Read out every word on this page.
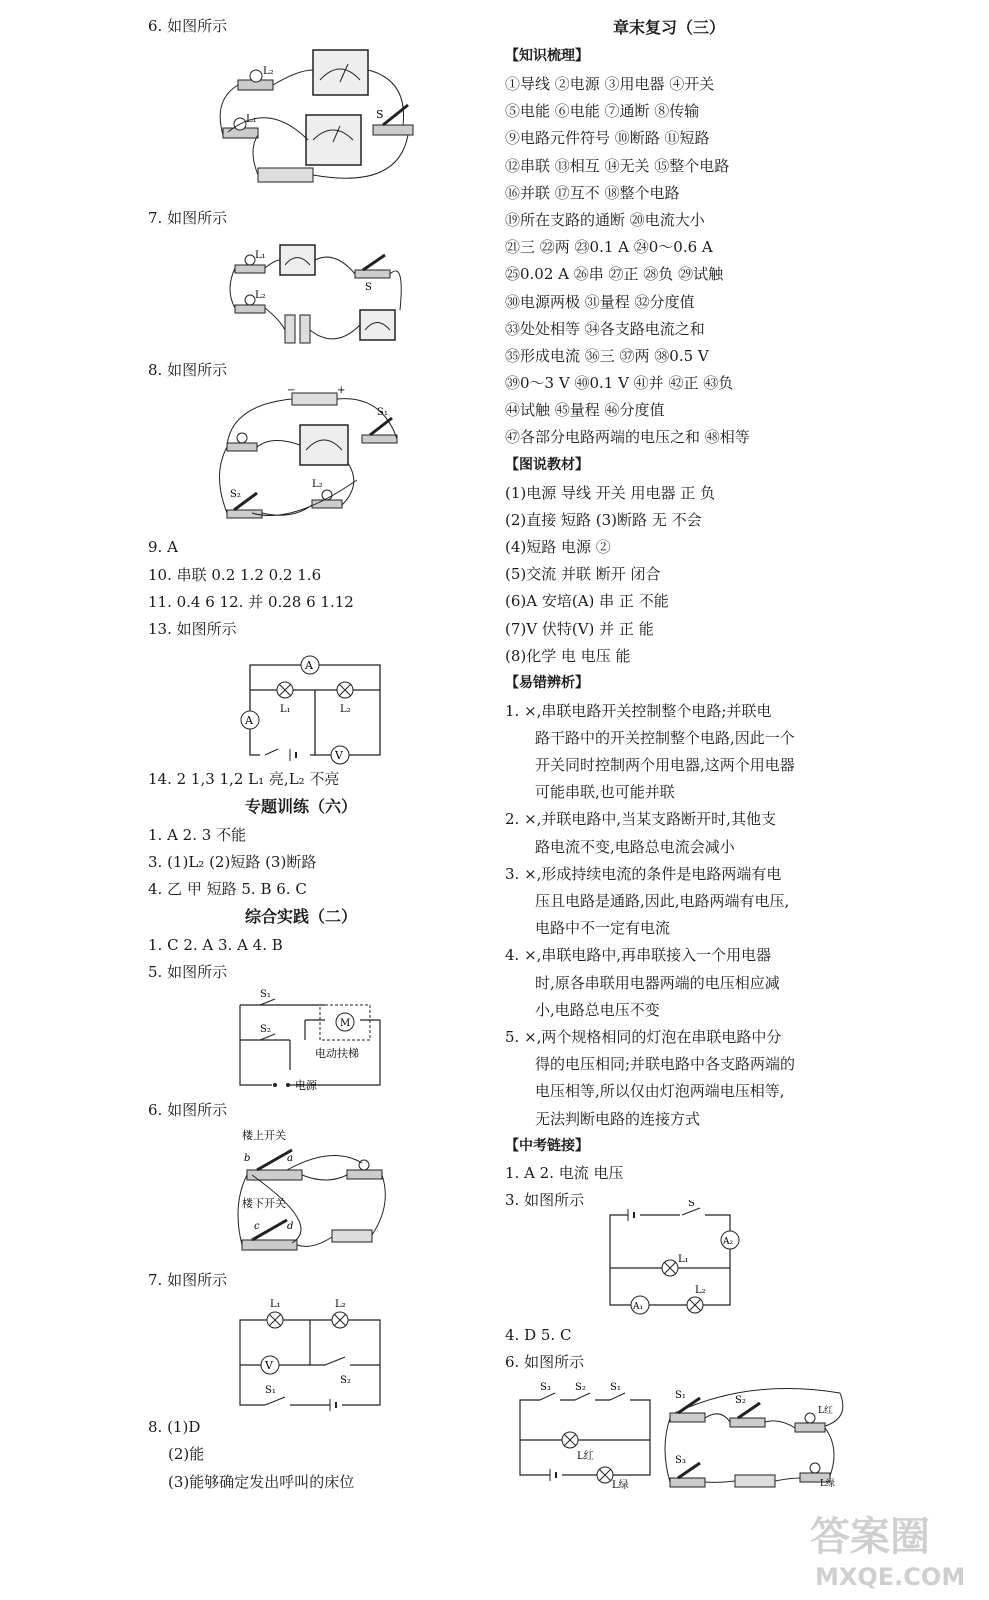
6. 如图所示
L₂
L₁	S
7. 如图所示
L₁
L₂
S
8. 如图所示
−	+
S₁
S₂
L₂
9. A
10. 串联 0.2 1.2 0.2 1.6
11. 0.4 6 12. 并 0.28 6 1.12
13. 如图所示
A
A
L₁	L₂
V
14. 2 1,3 1,2 L₁ 亮,L₂ 不亮
专题训练（六）
1. A 2. 3 不能
3. (1)L₂ (2)短路 (3)断路
4. 乙 甲 短路 5. B 6. C
综合实践（二）
1. C 2. A 3. A 4. B
5. 如图所示
S₁
S₂
M
电动扶梯
电源
6. 如图所示
楼上开关
楼下开关
b	a
c	d
7. 如图所示
L₁	L₂
V
S₂
S₁
8. (1)D
(2)能
(3)能够确定发出呼叫的床位
章末复习（三）
【知识梳理】
①导线 ②电源 ③用电器 ④开关
⑤电能 ⑥电能 ⑦通断 ⑧传输
⑨电路元件符号 ⑩断路 ⑪短路
⑫串联 ⑬相互 ⑭无关 ⑮整个电路
⑯并联 ⑰互不 ⑱整个电路
⑲所在支路的通断 ⑳电流大小
㉑三 ㉒两 ㉓0.1 A ㉔0～0.6 A
㉕0.02 A ㉖串 ㉗正 ㉘负 ㉙试触
㉚电源两极 ㉛量程 ㉜分度值
㉝处处相等 ㉞各支路电流之和
㉟形成电流 ㊱三 ㊲两 ㊳0.5 V
㊴0～3 V ㊵0.1 V ㊶并 ㊷正 ㊸负
㊹试触 ㊺量程 ㊻分度值
㊼各部分电路两端的电压之和 ㊽相等
【图说教材】
(1)电源 导线 开关 用电器 正 负
(2)直接 短路 (3)断路 无 不会
(4)短路 电源 ②
(5)交流 并联 断开 闭合
(6)A 安培(A) 串 正 不能
(7)V 伏特(V) 并 正 能
(8)化学 电 电压 能
【易错辨析】
1. ×,串联电路开关控制整个电路;并联电
路干路中的开关控制整个电路,因此一个
开关同时控制两个用电器,这两个用电器
可能串联,也可能并联
2. ×,并联电路中,当某支路断开时,其他支
路电流不变,电路总电流会减小
3. ×,形成持续电流的条件是电路两端有电
压且电路是通路,因此,电路两端有电压,
电路中不一定有电流
4. ×,串联电路中,再串联接入一个用电器
时,原各串联用电器两端的电压相应减
小,电路总电压不变
5. ×,两个规格相同的灯泡在串联电路中分
得的电压相同;并联电路中各支路两端的
电压相等,所以仅由灯泡两端电压相等,
无法判断电路的连接方式
【中考链接】
1. A 2. 电流 电压
3. 如图所示	S
A₂
L₁
A₁
L₂
4. D 5. C
6. 如图所示
S₃ S₂ S₁
L红
L绿
S₁	S₂
L红
S₃
L绿
答案圈
MXQE.COM
